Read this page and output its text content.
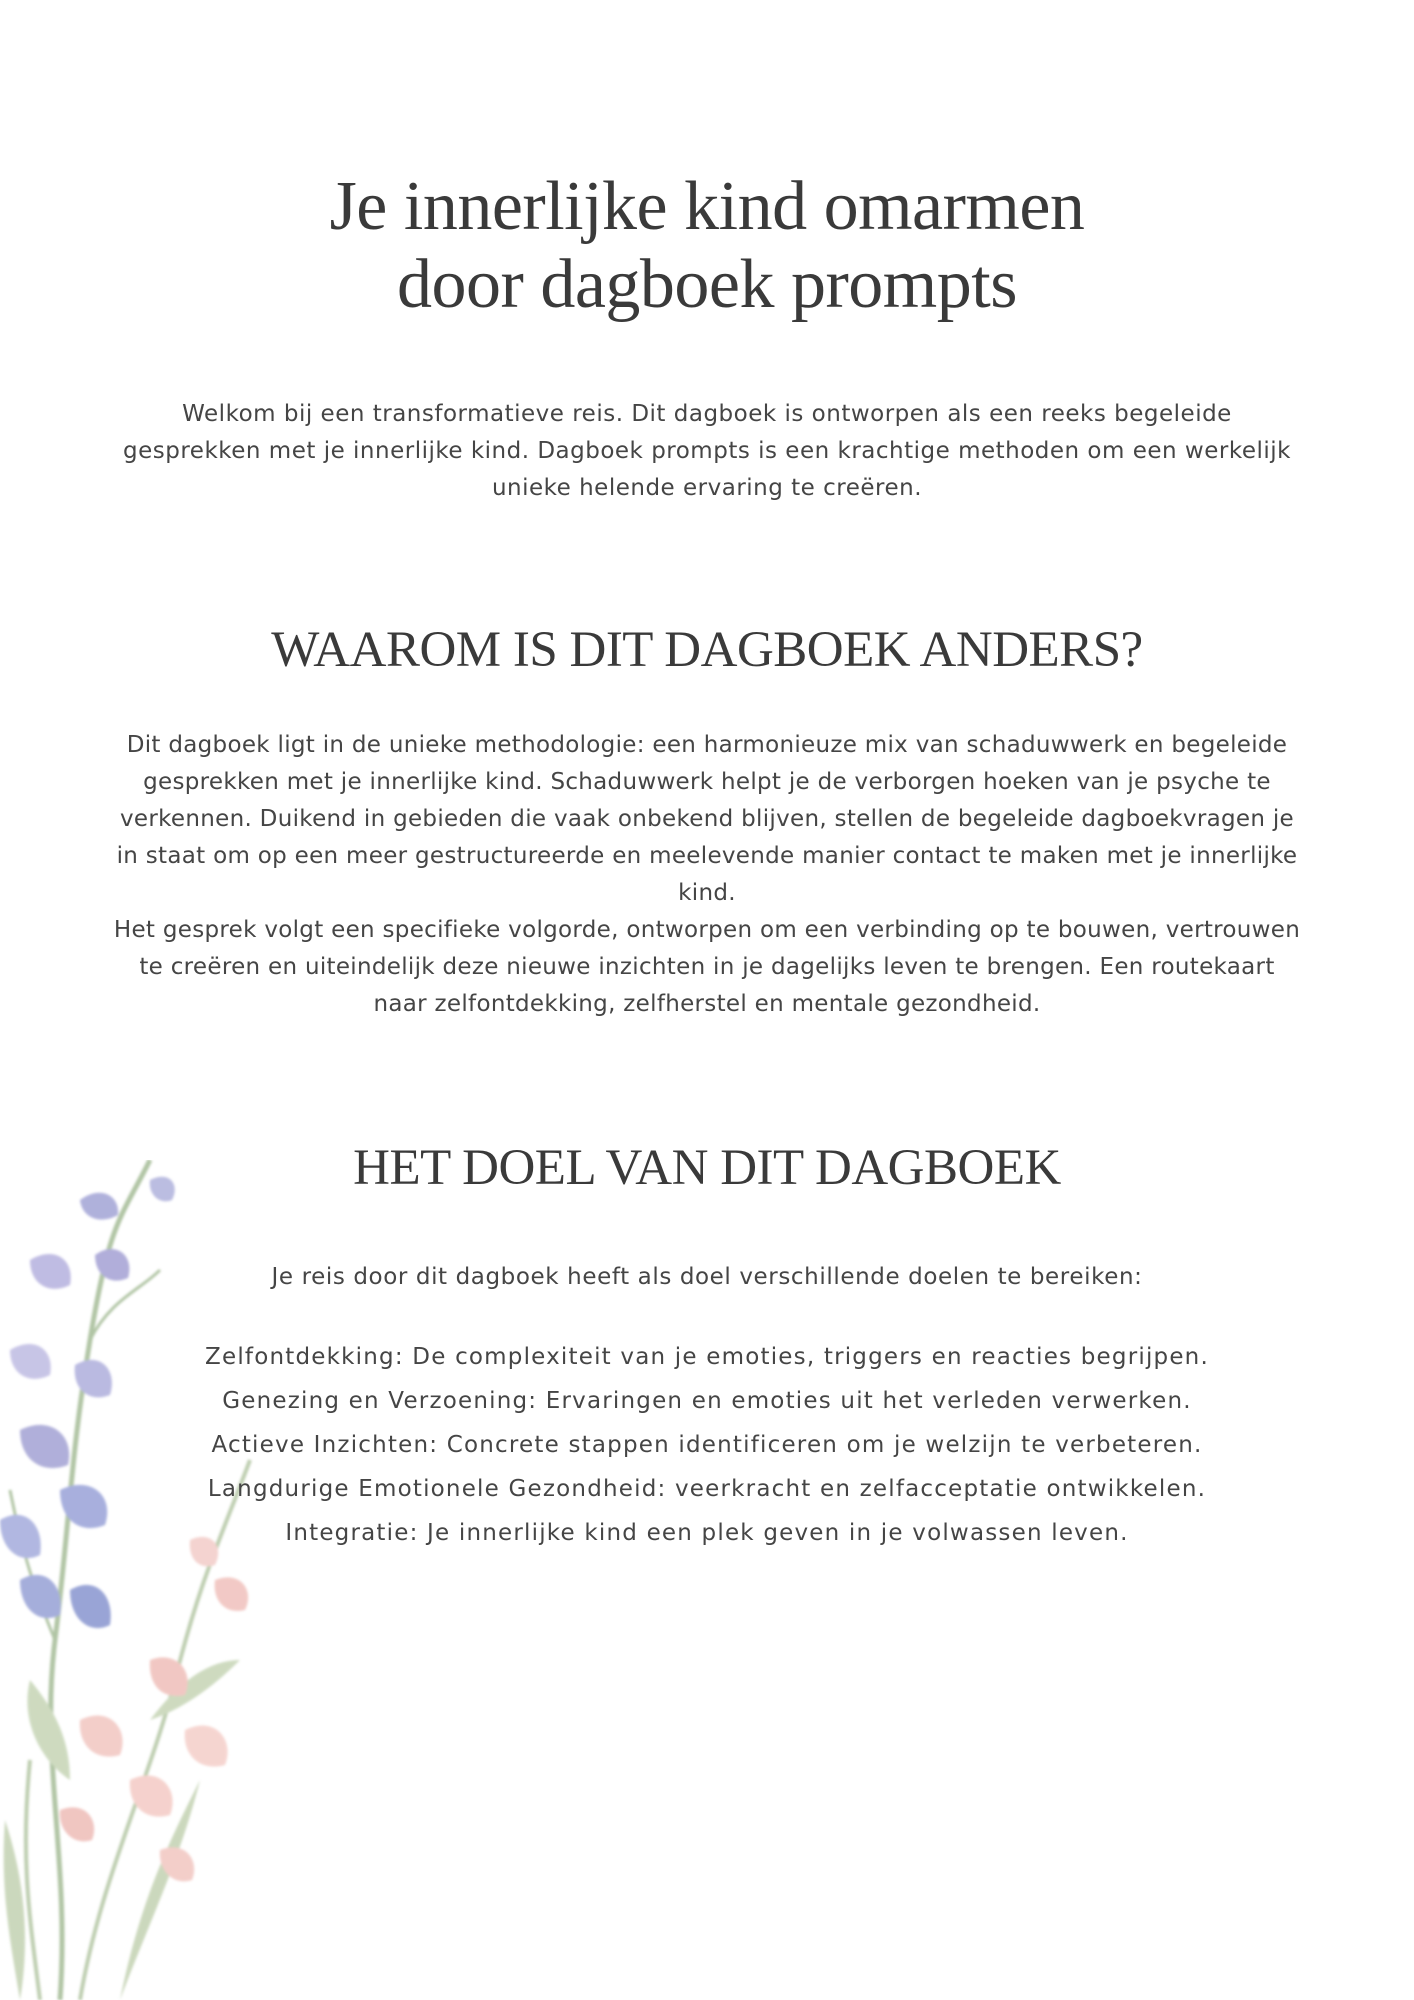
Je innerlijke kind omarmen
door dagboek prompts

Welkom bij een transformatieve reis. Dit dagboek is ontworpen als een reeks begeleide gesprekken met je innerlijke kind. Dagboek prompts is een krachtige methoden om een werkelijk unieke helende ervaring te creëren.

WAAROM IS DIT DAGBOEK ANDERS?

Dit dagboek ligt in de unieke methodologie: een harmonieuze mix van schaduwwerk en begeleide gesprekken met je innerlijke kind. Schaduwwerk helpt je de verborgen hoeken van je psyche te verkennen. Duikend in gebieden die vaak onbekend blijven, stellen de begeleide dagboekvragen je in staat om op een meer gestructureerde en meelevende manier contact te maken met je innerlijke kind.
Het gesprek volgt een specifieke volgorde, ontworpen om een verbinding op te bouwen, vertrouwen te creëren en uiteindelijk deze nieuwe inzichten in je dagelijks leven te brengen. Een routekaart naar zelfontdekking, zelfherstel en mentale gezondheid.

HET DOEL VAN DIT DAGBOEK

Je reis door dit dagboek heeft als doel verschillende doelen te bereiken:

Zelfontdekking: De complexiteit van je emoties, triggers en reacties begrijpen.
Genezing en Verzoening: Ervaringen en emoties uit het verleden verwerken.
Actieve Inzichten: Concrete stappen identificeren om je welzijn te verbeteren.
Langdurige Emotionele Gezondheid: veerkracht en zelfacceptatie ontwikkelen.
Integratie: Je innerlijke kind een plek geven in je volwassen leven.
